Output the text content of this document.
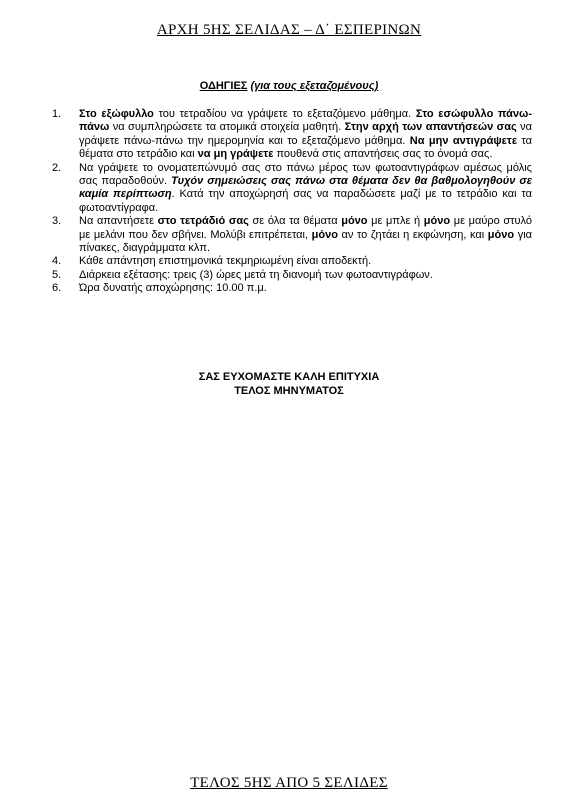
ΑΡΧΗ 5ΗΣ ΣΕΛΙΔΑΣ – Δ΄ ΕΣΠΕΡΙΝΩΝ
ΟΔΗΓΙΕΣ (για τους εξεταζομένους)
1. Στο εξώφυλλο του τετραδίου να γράψετε το εξεταζόμενο μάθημα. Στο εσώφυλλο πάνω-πάνω να συμπληρώσετε τα ατομικά στοιχεία μαθητή. Στην αρχή των απαντήσεών σας να γράψετε πάνω-πάνω την ημερομηνία και το εξεταζόμενο μάθημα. Να μην αντιγράψετε τα θέματα στο τετράδιο και να μη γράψετε πουθενά στις απαντήσεις σας το όνομά σας.
2. Να γράψετε το ονοματεπώνυμό σας στο πάνω μέρος των φωτοαντιγράφων αμέσως μόλις σας παραδοθούν. Τυχόν σημειώσεις σας πάνω στα θέματα δεν θα βαθμολογηθούν σε καμία περίπτωση. Κατά την αποχώρησή σας να παραδώσετε μαζί με το τετράδιο και τα φωτοαντίγραφα.
3. Να απαντήσετε στο τετράδιό σας σε όλα τα θέματα μόνο με μπλε ή μόνο με μαύρο στυλό με μελάνι που δεν σβήνει. Μολύβι επιτρέπεται, μόνο αν το ζητάει η εκφώνηση, και μόνο για πίνακες, διαγράμματα κλπ.
4. Κάθε απάντηση επιστημονικά τεκμηριωμένη είναι αποδεκτή.
5. Διάρκεια εξέτασης: τρεις (3) ώρες μετά τη διανομή των φωτοαντιγράφων.
6. Ώρα δυνατής αποχώρησης: 10.00 π.μ.
ΣΑΣ ΕΥΧΟΜΑΣΤΕ ΚΑΛΗ ΕΠΙΤΥΧΙΑ
ΤΕΛΟΣ ΜΗΝΥΜΑΤΟΣ
ΤΕΛΟΣ 5ΗΣ ΑΠΟ 5 ΣΕΛΙΔΕΣ
